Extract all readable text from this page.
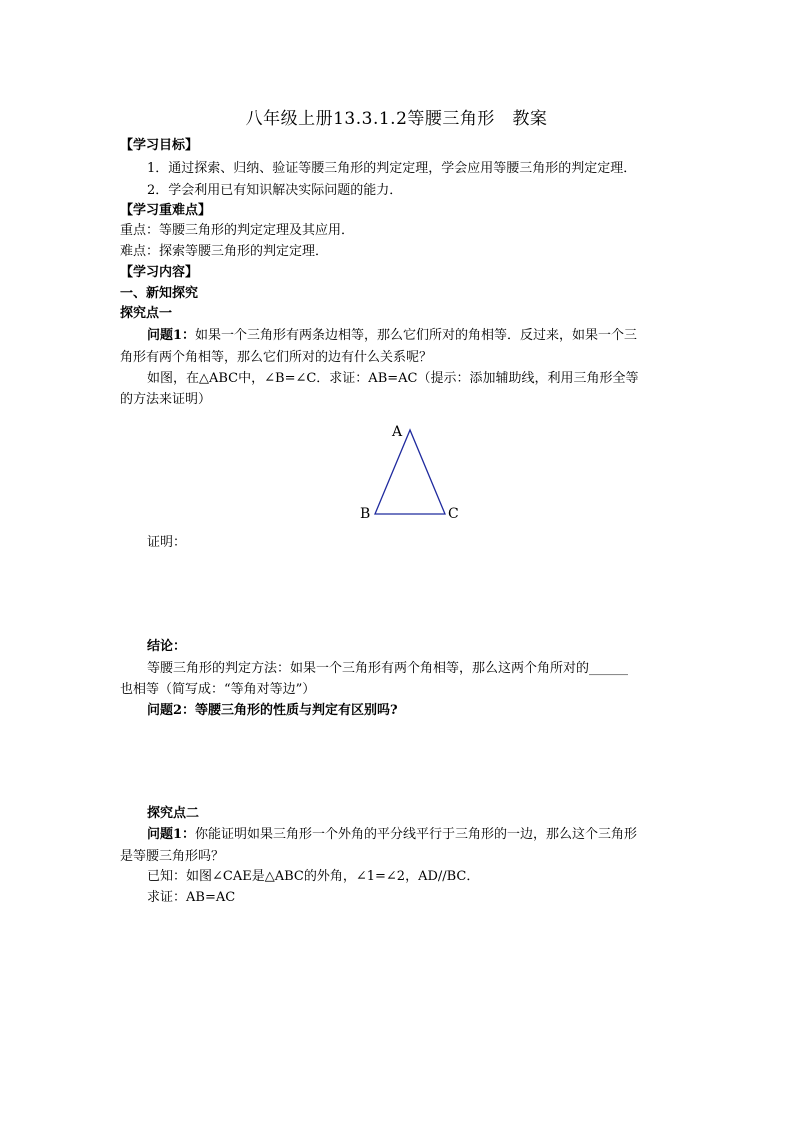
八年级上册13.3.1.2等腰三角形　教案
【学习目标】
1．通过探索、归纳、验证等腰三角形的判定定理，学会应用等腰三角形的判定定理．
2．学会利用已有知识解决实际问题的能力．
【学习重难点】
重点：等腰三角形的判定定理及其应用．
难点：探索等腰三角形的判定定理．
【学习内容】
一、新知探究
探究点一
问题1：如果一个三角形有两条边相等，那么它们所对的角相等．反过来，如果一个三
角形有两个角相等，那么它们所对的边有什么关系呢？
如图，在△ABC中，∠B=∠C．求证：AB=AC（提示：添加辅助线，利用三角形全等
的方法来证明）
A
B	C
证明：
结论：
等腰三角形的判定方法：如果一个三角形有两个角相等，那么这两个角所对的______
也相等（简写成：“等角对等边”）
问题2：等腰三角形的性质与判定有区别吗?
探究点二
问题1：你能证明如果三角形一个外角的平分线平行于三角形的一边，那么这个三角形
是等腰三角形吗？
已知：如图∠CAE是△ABC的外角，∠1=∠2，AD//BC．
求证：AB=AC
